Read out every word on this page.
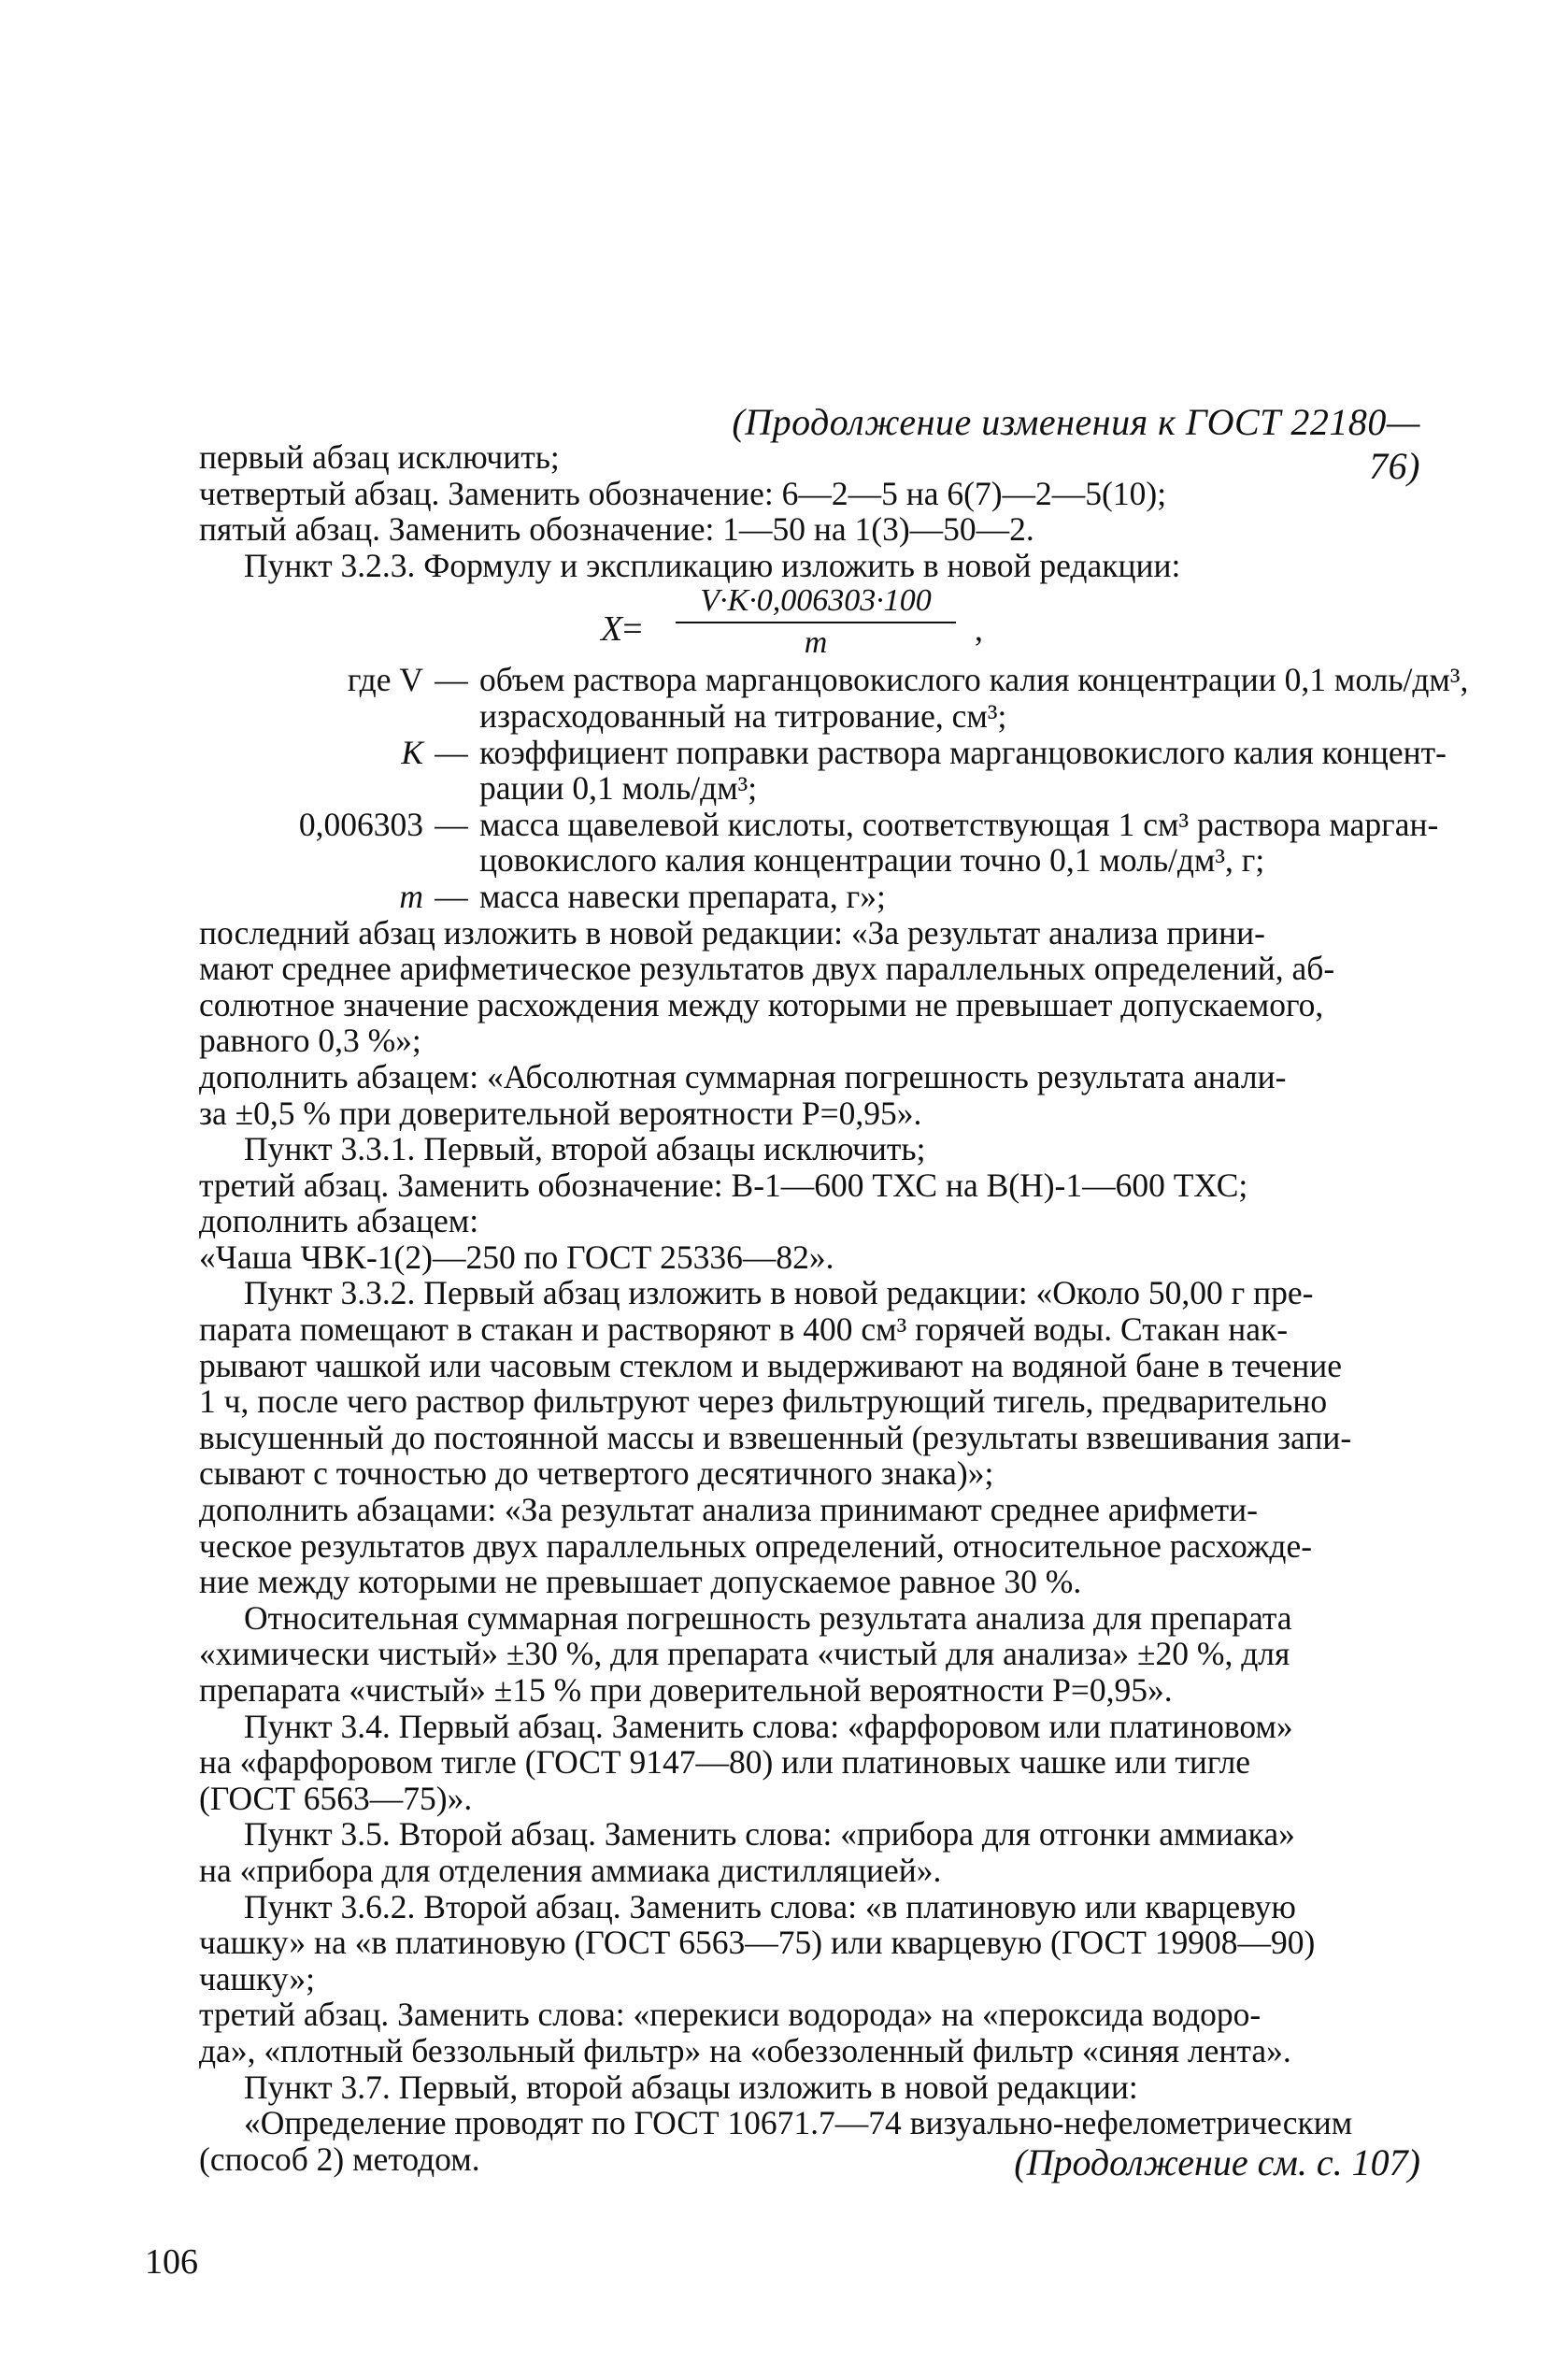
(Продолжение изменения к ГОСТ 22180—76)
первый абзац исключить;
четвертый абзац. Заменить обозначение: 6—2—5 на 6(7)—2—5(10);
пятый абзац. Заменить обозначение: 1—50 на 1(3)—50—2.
Пункт 3.2.3. Формулу и экспликацию изложить в новой редакции:
$X= \frac{V\cdot K\cdot 0,006303\cdot 100}{m}$ ,
где V — объем раствора марганцовокислого калия концентрации 0,1 моль/дм³,
израсходованный на титрование, см³;
K — коэффициент поправки раствора марганцовокислого калия концент-
рации 0,1 моль/дм³;
0,006303 — масса щавелевой кислоты, соответствующая 1 см³ раствора марган-
цовокислого калия концентрации точно 0,1 моль/дм³, г;
m — масса навески препарата, г»;
последний абзац изложить в новой редакции: «За результат анализа прини-
мают среднее арифметическое результатов двух параллельных определений, аб-
солютное значение расхождения между которыми не превышает допускаемого,
равного 0,3 %»;
дополнить абзацем: «Абсолютная суммарная погрешность результата анали-
за ±0,5 % при доверительной вероятности P=0,95».
Пункт 3.3.1. Первый, второй абзацы исключить;
третий абзац. Заменить обозначение: В-1—600 ТХС на В(Н)-1—600 ТХС;
дополнить абзацем:
«Чаша ЧВК-1(2)—250 по ГОСТ 25336—82».
Пункт 3.3.2. Первый абзац изложить в новой редакции: «Около 50,00 г пре-
парата помещают в стакан и растворяют в 400 см³ горячей воды. Стакан нак-
рывают чашкой или часовым стеклом и выдерживают на водяной бане в течение
1 ч, после чего раствор фильтруют через фильтрующий тигель, предварительно
высушенный до постоянной массы и взвешенный (результаты взвешивания запи-
сывают с точностью до четвертого десятичного знака)»;
дополнить абзацами: «За результат анализа принимают среднее арифмети-
ческое результатов двух параллельных определений, относительное расхожде-
ние между которыми не превышает допускаемое равное 30 %.
Относительная суммарная погрешность результата анализа для препарата
«химически чистый» ±30 %, для препарата «чистый для анализа» ±20 %, для
препарата «чистый» ±15 % при доверительной вероятности P=0,95».
Пункт 3.4. Первый абзац. Заменить слова: «фарфоровом или платиновом»
на «фарфоровом тигле (ГОСТ 9147—80) или платиновых чашке или тигле
(ГОСТ 6563—75)».
Пункт 3.5. Второй абзац. Заменить слова: «прибора для отгонки аммиака»
на «прибора для отделения аммиака дистилляцией».
Пункт 3.6.2. Второй абзац. Заменить слова: «в платиновую или кварцевую
чашку» на «в платиновую (ГОСТ 6563—75) или кварцевую (ГОСТ 19908—90)
чашку»;
третий абзац. Заменить слова: «перекиси водорода» на «пероксида водоро-
да», «плотный беззольный фильтр» на «обеззоленный фильтр «синяя лента».
Пункт 3.7. Первый, второй абзацы изложить в новой редакции:
«Определение проводят по ГОСТ 10671.7—74 визуально-нефелометрическим
(способ 2) методом.	(Продолжение см. с. 107)
106
